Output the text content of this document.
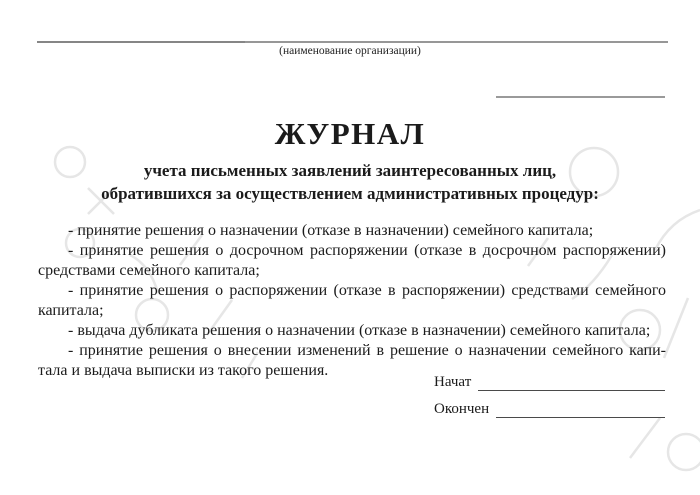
(наименование организации)
ЖУРНАЛ
учета письменных заявлений заинтересованных лиц,
обратившихся за осуществлением административных процедур:
- принятие решения о назначении (отказе в назначении) семейного капитала;
- принятие решения о досрочном распоряжении (отказе в досрочном распоряжении)
средствами семейного капитала;
- принятие решения о распоряжении (отказе в распоряжении) средствами семейного
капитала;
- выдача дубликата решения о назначении (отказе в назначении) семейного капитала;
- принятие решения о внесении изменений в решение о назначении семейного капи-
тала и выдача выписки из такого решения.
Начат
Окончен
